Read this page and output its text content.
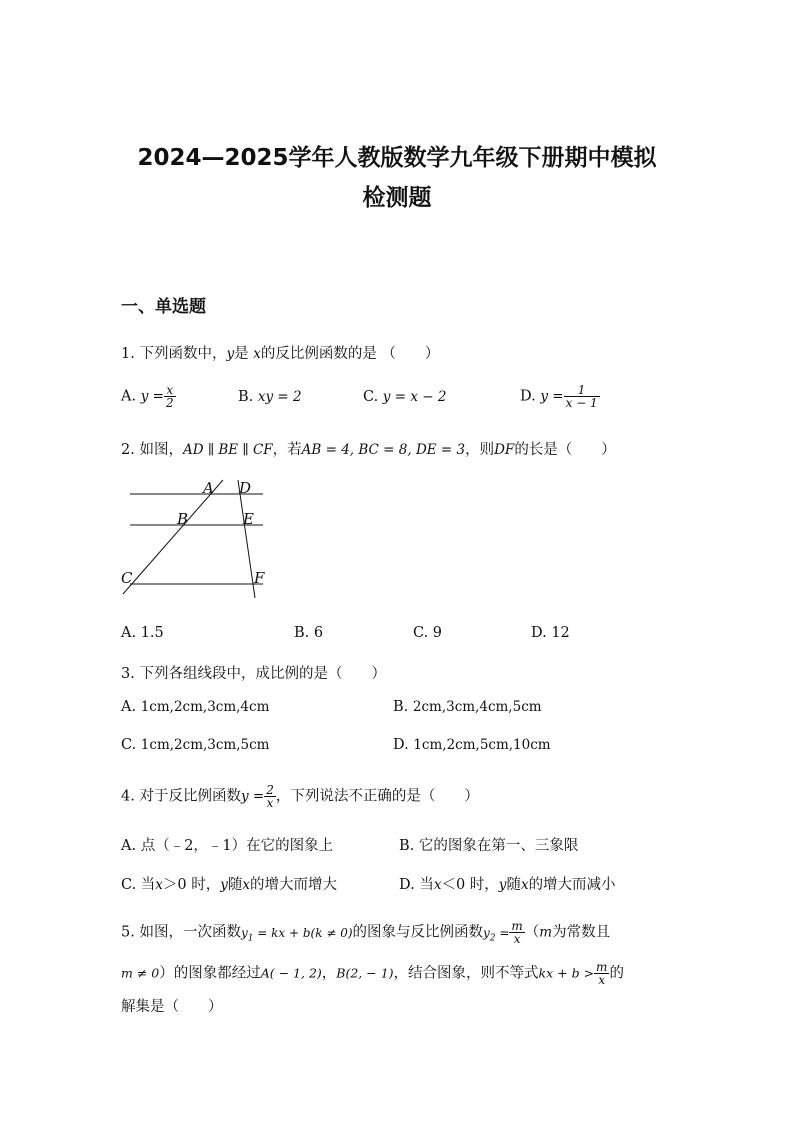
2024—2025学年人教版数学九年级下册期中模拟
检测题
一、单选题
1. 下列函数中，y是 x的反比例函数的是 （　　）
A. $y = \frac{x}{2}$	B. xy = 2	C. y = x − 2	D. $y = \frac{1}{x - 1}$
2. 如图，AD ∥ BE ∥ CF，若AB = 4, BC = 8, DE = 3，则DF的长是（　　）
A D
B	E
C	F
A. 1.5	B. 6	C. 9	D. 12
3. 下列各组线段中，成比例的是（　　）
A. 1cm,2cm,3cm,4cm	B. 2cm,3cm,4cm,5cm
C. 1cm,2cm,3cm,5cm	D. 1cm,2cm,5cm,10cm
4. 对于反比例函数$y = \frac{2}{x}$ ，下列说法不正确的是（　　）
A. 点（﹣2，﹣1）在它的图象上	B. 它的图象在第一、三象限
C. 当x＞0 时，y随x的增大而增大	D. 当x＜0 时，y随x的增大而减小
5. 如图，一次函数$y_1$ = kx + b(k ≠ 0)的图象与反比例函数$y_2 = \frac{m}{x} (m$为常数且
m ≠ 0）的图象都经过A( − 1, 2)，B(2, − 1)，结合图象，则不等式kx + $b > \frac{m}{x}$ 的
解集是（　　）
